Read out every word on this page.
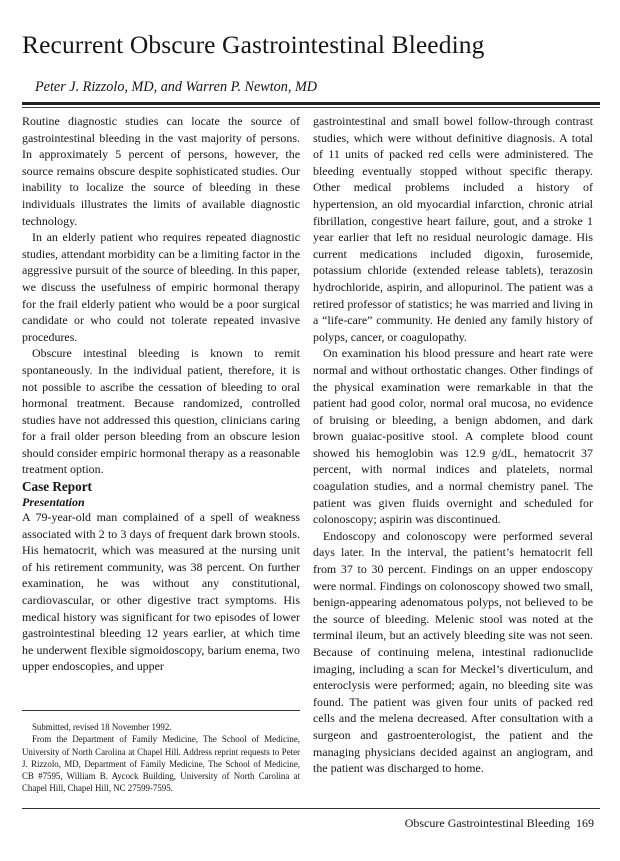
Recurrent Obscure Gastrointestinal Bleeding

Peter J. Rizzolo, MD, and Warren P. Newton, MD

Routine diagnostic studies can locate the source of gastrointestinal bleeding in the vast majority of persons. In approximately 5 percent of persons, however, the source remains obscure despite sophisticated studies. Our inability to localize the source of bleeding in these individuals illustrates the limits of available diagnostic technology.

In an elderly patient who requires repeated diagnostic studies, attendant morbidity can be a limiting factor in the aggressive pursuit of the source of bleeding. In this paper, we discuss the usefulness of empiric hormonal therapy for the frail elderly patient who would be a poor surgical candidate or who could not tolerate repeated invasive procedures.

Obscure intestinal bleeding is known to remit spontaneously. In the individual patient, therefore, it is not possible to ascribe the cessation of bleeding to oral hormonal treatment. Because randomized, controlled studies have not addressed this question, clinicians caring for a frail older person bleeding from an obscure lesion should consider empiric hormonal therapy as a reasonable treatment option.

Case Report

Presentation

A 79-year-old man complained of a spell of weakness associated with 2 to 3 days of frequent dark brown stools. His hematocrit, which was measured at the nursing unit of his retirement community, was 38 percent. On further examination, he was without any constitutional, cardiovascular, or other digestive tract symptoms. His medical history was significant for two episodes of lower gastrointestinal bleeding 12 years earlier, at which time he underwent flexible sigmoidoscopy, barium enema, two upper endoscopies, and upper

Submitted, revised 18 November 1992.

From the Department of Family Medicine, The School of Medicine, University of North Carolina at Chapel Hill. Address reprint requests to Peter J. Rizzolo, MD, Department of Family Medicine, The School of Medicine, CB #7595, William B. Aycock Building, University of North Carolina at Chapel Hill, Chapel Hill, NC 27599-7595.

gastrointestinal and small bowel follow-through contrast studies, which were without definitive diagnosis. A total of 11 units of packed red cells were administered. The bleeding eventually stopped without specific therapy. Other medical problems included a history of hypertension, an old myocardial infarction, chronic atrial fibrillation, congestive heart failure, gout, and a stroke 1 year earlier that left no residual neurologic damage. His current medications included digoxin, furosemide, potassium chloride (extended release tablets), terazosin hydrochloride, aspirin, and allopurinol. The patient was a retired professor of statistics; he was married and living in a “life-care” community. He denied any family history of polyps, cancer, or coagulopathy.

On examination his blood pressure and heart rate were normal and without orthostatic changes. Other findings of the physical examination were remarkable in that the patient had good color, normal oral mucosa, no evidence of bruising or bleeding, a benign abdomen, and dark brown guaiac-positive stool. A complete blood count showed his hemoglobin was 12.9 g/dL, hematocrit 37 percent, with normal indices and platelets, normal coagulation studies, and a normal chemistry panel. The patient was given fluids overnight and scheduled for colonoscopy; aspirin was discontinued.

Endoscopy and colonoscopy were performed several days later. In the interval, the patient’s hematocrit fell from 37 to 30 percent. Findings on an upper endoscopy were normal. Findings on colonoscopy showed two small, benign-appearing adenomatous polyps, not believed to be the source of bleeding. Melenic stool was noted at the terminal ileum, but an actively bleeding site was not seen. Because of continuing melena, intestinal radionuclide imaging, including a scan for Meckel’s diverticulum, and enteroclysis were performed; again, no bleeding site was found. The patient was given four units of packed red cells and the melena decreased. After consultation with a surgeon and gastroenterologist, the patient and the managing physicians decided against an angiogram, and the patient was discharged to home.

Obscure Gastrointestinal Bleeding 169
